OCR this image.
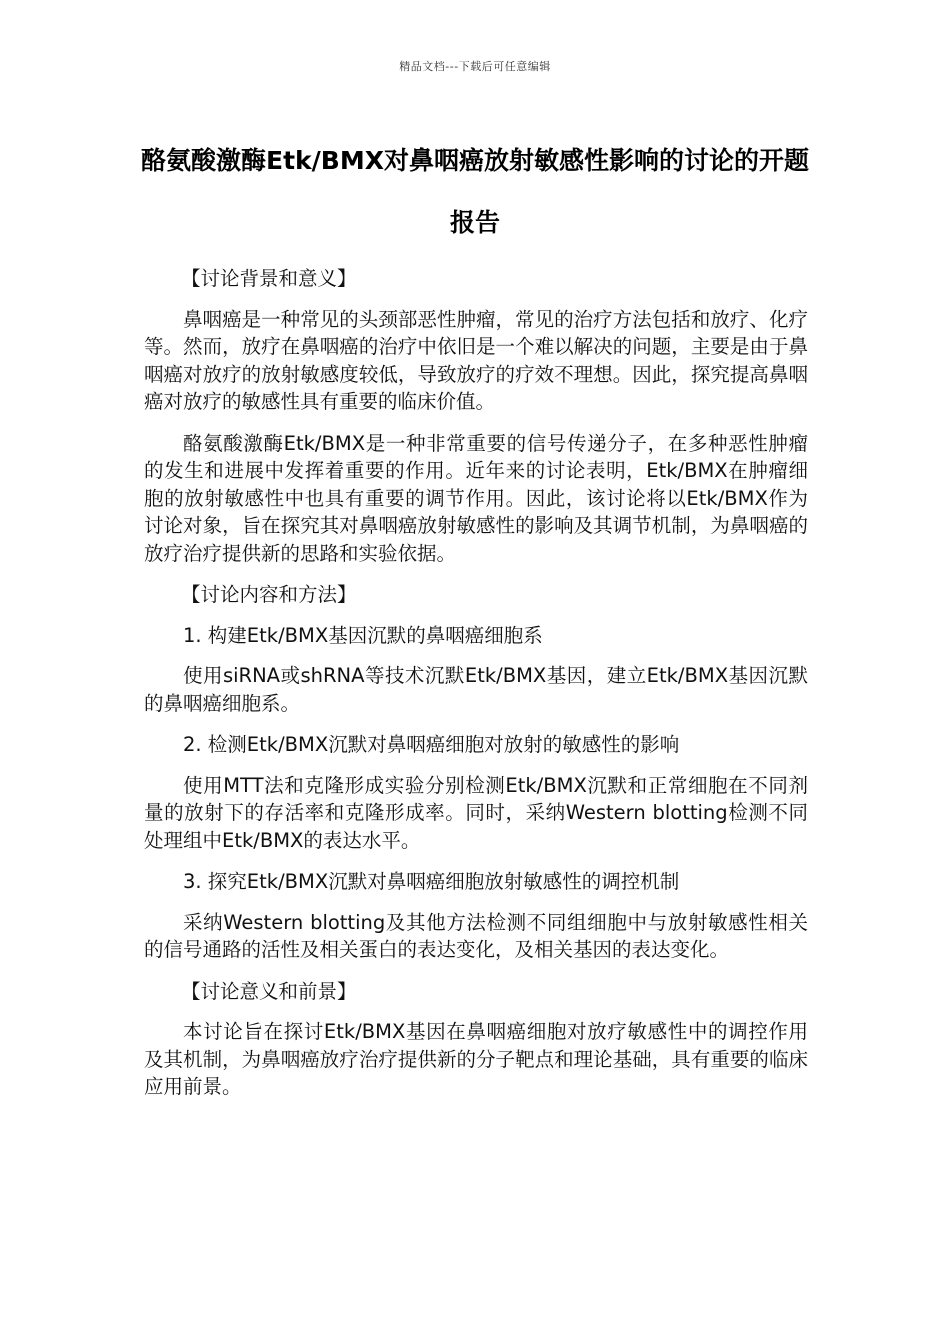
精品文档---下载后可任意编辑
酪氨酸激酶Etk/BMX对鼻咽癌放射敏感性影响的讨论的开题报告

【讨论背景和意义】

鼻咽癌是一种常见的头颈部恶性肿瘤，常见的治疗方法包括和放疗、化疗等。然而，放疗在鼻咽癌的治疗中依旧是一个难以解决的问题，主要是由于鼻咽癌对放疗的放射敏感度较低，导致放疗的疗效不理想。因此，探究提高鼻咽癌对放疗的敏感性具有重要的临床价值。

酪氨酸激酶Etk/BMX是一种非常重要的信号传递分子，在多种恶性肿瘤的发生和进展中发挥着重要的作用。近年来的讨论表明，Etk/BMX在肿瘤细胞的放射敏感性中也具有重要的调节作用。因此，该讨论将以Etk/BMX作为讨论对象，旨在探究其对鼻咽癌放射敏感性的影响及其调节机制，为鼻咽癌的放疗治疗提供新的思路和实验依据。

【讨论内容和方法】

1. 构建Etk/BMX基因沉默的鼻咽癌细胞系

使用siRNA或shRNA等技术沉默Etk/BMX基因，建立Etk/BMX基因沉默的鼻咽癌细胞系。

2. 检测Etk/BMX沉默对鼻咽癌细胞对放射的敏感性的影响

使用MTT法和克隆形成实验分别检测Etk/BMX沉默和正常细胞在不同剂量的放射下的存活率和克隆形成率。同时，采纳Western blotting检测不同处理组中Etk/BMX的表达水平。

3. 探究Etk/BMX沉默对鼻咽癌细胞放射敏感性的调控机制

采纳Western blotting及其他方法检测不同组细胞中与放射敏感性相关的信号通路的活性及相关蛋白的表达变化，及相关基因的表达变化。

【讨论意义和前景】

本讨论旨在探讨Etk/BMX基因在鼻咽癌细胞对放疗敏感性中的调控作用及其机制，为鼻咽癌放疗治疗提供新的分子靶点和理论基础，具有重要的临床应用前景。
